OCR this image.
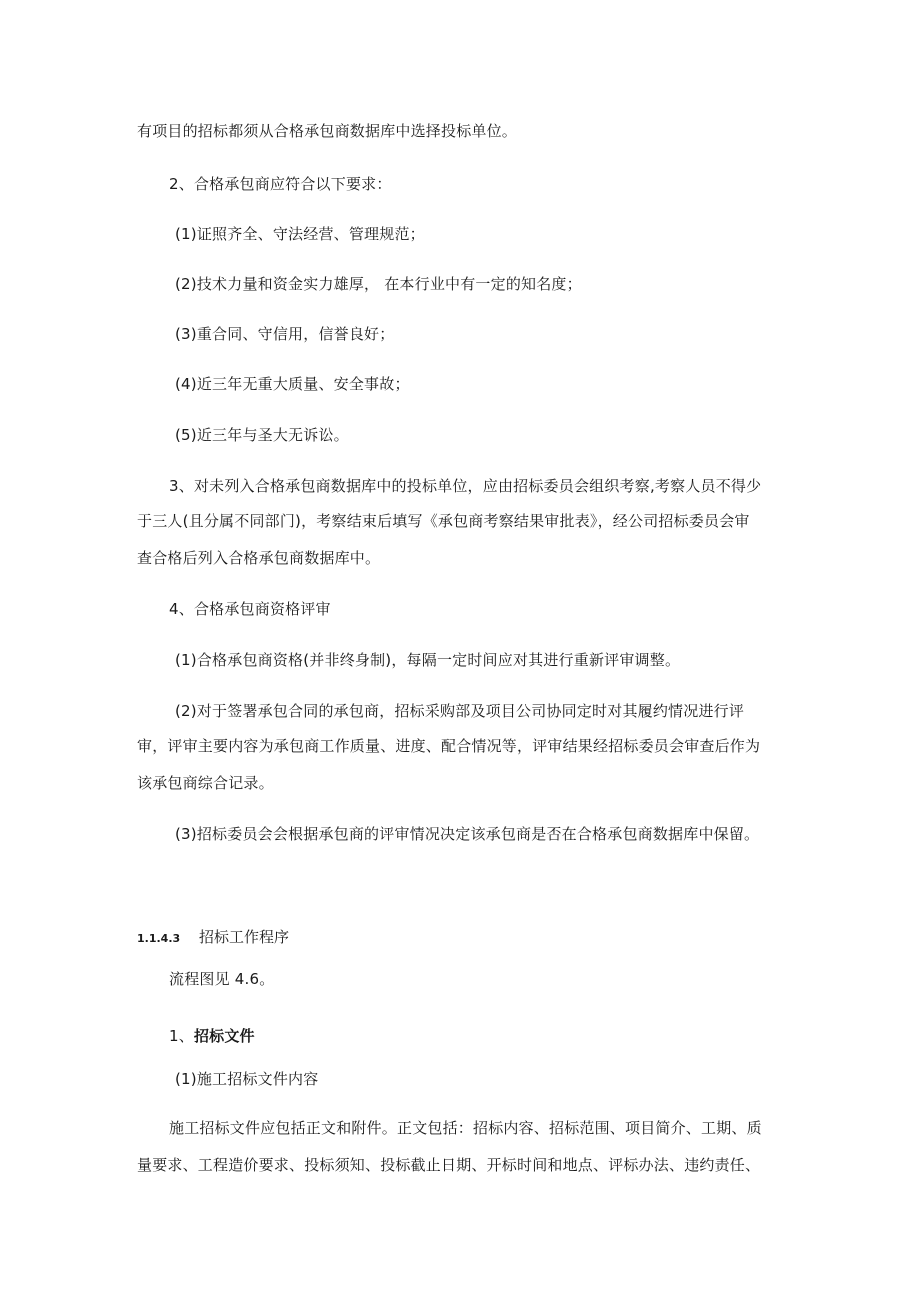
有项目的招标都须从合格承包商数据库中选择投标单位。
2、合格承包商应符合以下要求：
(1)证照齐全、守法经营、管理规范；
(2)技术力量和资金实力雄厚， 在本行业中有一定的知名度；
(3)重合同、守信用，信誉良好；
(4)近三年无重大质量、安全事故；
(5)近三年与圣大无诉讼。
3、对未列入合格承包商数据库中的投标单位，应由招标委员会组织考察,考察人员不得少
于三人(且分属不同部门)，考察结束后填写《承包商考察结果审批表》，经公司招标委员会审
查合格后列入合格承包商数据库中。
4、合格承包商资格评审
(1)合格承包商资格(并非终身制)，每隔一定时间应对其进行重新评审调整。
(2)对于签署承包合同的承包商，招标采购部及项目公司协同定时对其履约情况进行评
审，评审主要内容为承包商工作质量、进度、配合情况等，评审结果经招标委员会审查后作为
该承包商综合记录。
(3)招标委员会会根据承包商的评审情况决定该承包商是否在合格承包商数据库中保留。
1.1.4.3 招标工作程序
流程图见 4.6。
1、招标文件
(1)施工招标文件内容
施工招标文件应包括正文和附件。正文包括：招标内容、招标范围、项目简介、工期、质
量要求、工程造价要求、投标须知、投标截止日期、开标时间和地点、评标办法、违约责任、
